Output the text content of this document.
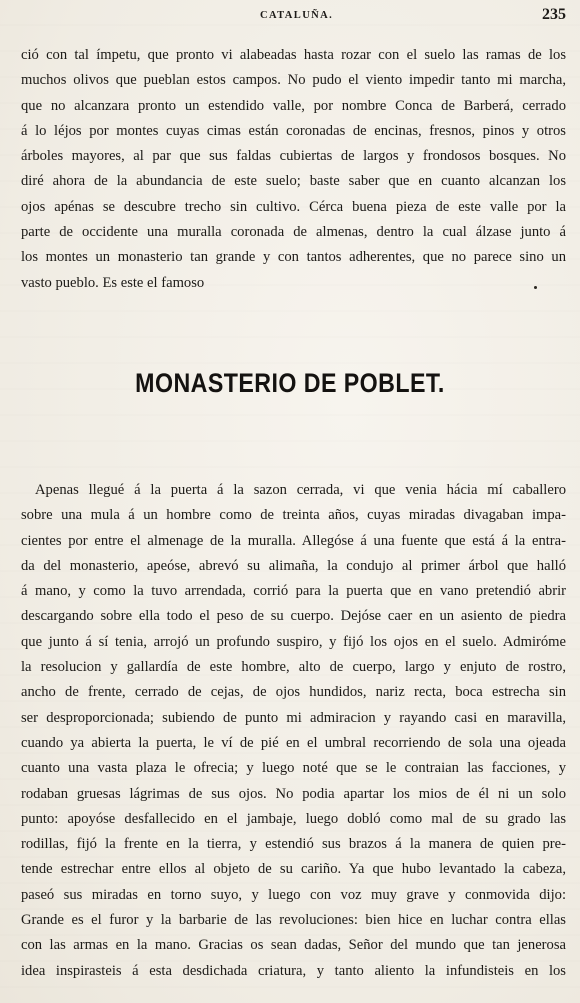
CATALUÑA.	235
ció con tal ímpetu, que pronto vi alabeadas hasta rozar con el suelo las ramas de los
muchos olivos que pueblan estos campos. No pudo el viento impedir tanto mi marcha,
que no alcanzara pronto un estendido valle, por nombre Conca de Barberá, cerrado
á lo léjos por montes cuyas cimas están coronadas de encinas, fresnos, pinos y otros
árboles mayores, al par que sus faldas cubiertas de largos y frondosos bosques. No
diré ahora de la abundancia de este suelo; baste saber que en cuanto alcanzan los
ojos apénas se descubre trecho sin cultivo. Cérca buena pieza de este valle por la
parte de occidente una muralla coronada de almenas, dentro la cual álzase junto á
los montes un monasterio tan grande y con tantos adherentes, que no parece sino un
vasto pueblo. Es este el famoso
MONASTERIO DE POBLET.
Apenas llegué á la puerta á la sazon cerrada, vi que venia hácia mí caballero
sobre una mula á un hombre como de treinta años, cuyas miradas divagaban impa-
cientes por entre el almenage de la muralla. Allegóse á una fuente que está á la entra-
da del monasterio, apeóse, abrevó su alimaña, la condujo al primer árbol que halló
á mano, y como la tuvo arrendada, corrió para la puerta que en vano pretendió abrir
descargando sobre ella todo el peso de su cuerpo. Dejóse caer en un asiento de piedra
que junto á sí tenia, arrojó un profundo suspiro, y fijó los ojos en el suelo. Admiróme
la resolucion y gallardía de este hombre, alto de cuerpo, largo y enjuto de rostro,
ancho de frente, cerrado de cejas, de ojos hundidos, nariz recta, boca estrecha sin
ser desproporcionada; subiendo de punto mi admiracion y rayando casi en maravilla,
cuando ya abierta la puerta, le ví de pié en el umbral recorriendo de sola una ojeada
cuanto una vasta plaza le ofrecia; y luego noté que se le contraian las facciones, y
rodaban gruesas lágrimas de sus ojos. No podia apartar los mios de él ni un solo
punto: apoyóse desfallecido en el jambaje, luego dobló como mal de su grado las
rodillas, fijó la frente en la tierra, y estendió sus brazos á la manera de quien pre-
tende estrechar entre ellos al objeto de su cariño. Ya que hubo levantado la cabeza,
paseó sus miradas en torno suyo, y luego con voz muy grave y conmovida dijo:
Grande es el furor y la barbarie de las revoluciones: bien hice en luchar contra ellas
con las armas en la mano. Gracias os sean dadas, Señor del mundo que tan jenerosa
idea inspirasteis á esta desdichada criatura, y tanto aliento la infundisteis en los
